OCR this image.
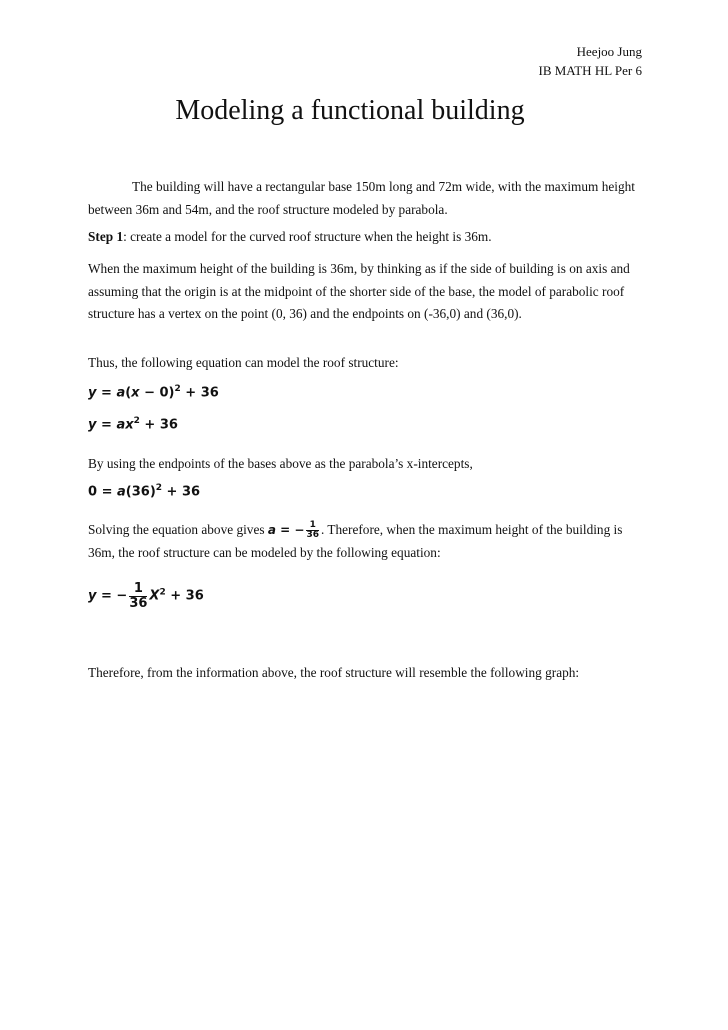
Heejoo Jung
IB MATH HL Per 6
Modeling a functional building
The building will have a rectangular base 150m long and 72m wide, with the maximum height between 36m and 54m, and the roof structure modeled by parabola.
Step 1: create a model for the curved roof structure when the height is 36m.
When the maximum height of the building is 36m, by thinking as if the side of building is on axis and assuming that the origin is at the midpoint of the shorter side of the base, the model of parabolic roof structure has a vertex on the point (0, 36) and the endpoints on (-36,0) and (36,0).
Thus, the following equation can model the roof structure:
$y = a(x - 0)^2 + 36$
$y = ax^2 + 36$
By using the endpoints of the bases above as the parabola’s x-intercepts,
$0 = a(36)^2 + 36$
Solving the equation above gives a = − $\frac{1}{36}$ . Therefore, when the maximum height of the building is 36m, the roof structure can be modeled by the following equation:
y = − $\frac{1}{36} X^2 + 36$
Therefore, from the information above, the roof structure will resemble the following graph:
